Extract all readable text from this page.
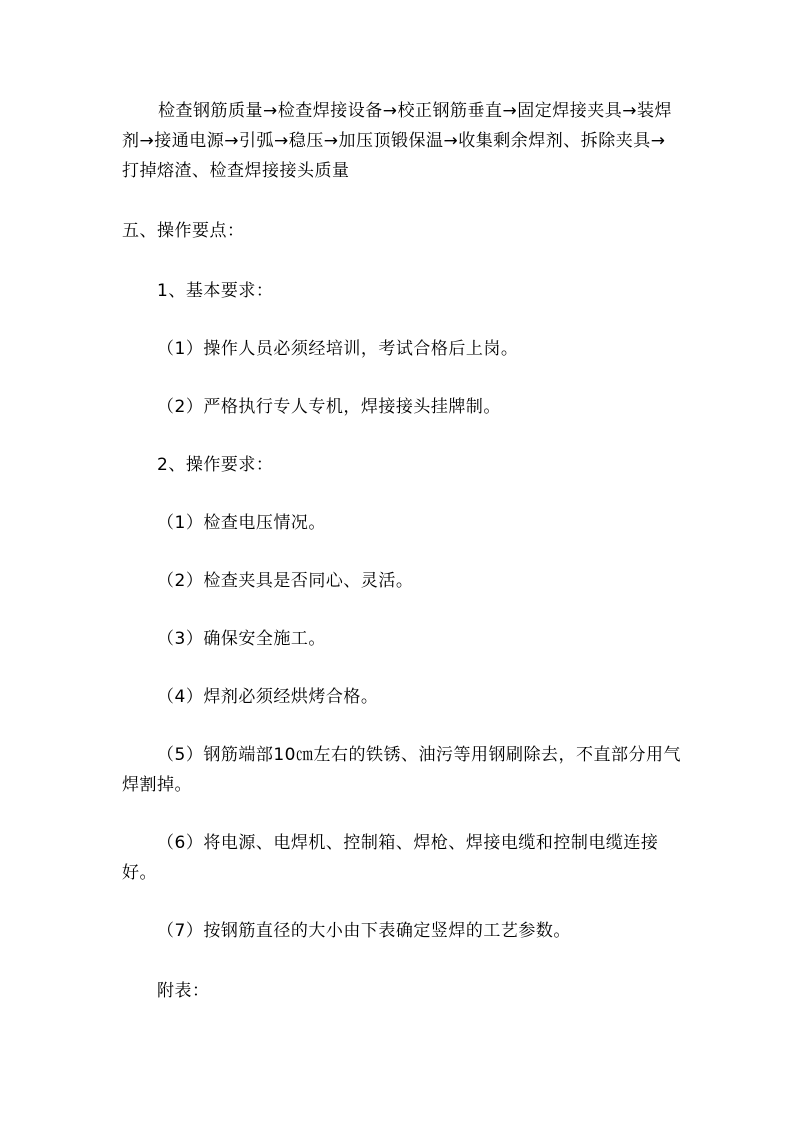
检查钢筋质量→检查焊接设备→校正钢筋垂直→固定焊接夹具→装焊剂→接通电源→引弧→稳压→加压顶锻保温→收集剩余焊剂、拆除夹具→打掉熔渣、检查焊接接头质量

五、操作要点：

1、基本要求：

（1）操作人员必须经培训，考试合格后上岗。

（2）严格执行专人专机，焊接接头挂牌制。

2、操作要求：

（1）检查电压情况。

（2）检查夹具是否同心、灵活。

（3）确保安全施工。

（4）焊剂必须经烘烤合格。

（5）钢筋端部10㎝左右的铁锈、油污等用钢刷除去，不直部分用气焊割掉。

（6）将电源、电焊机、控制箱、焊枪、焊接电缆和控制电缆连接好。

（7）按钢筋直径的大小由下表确定竖焊的工艺参数。

附表：
